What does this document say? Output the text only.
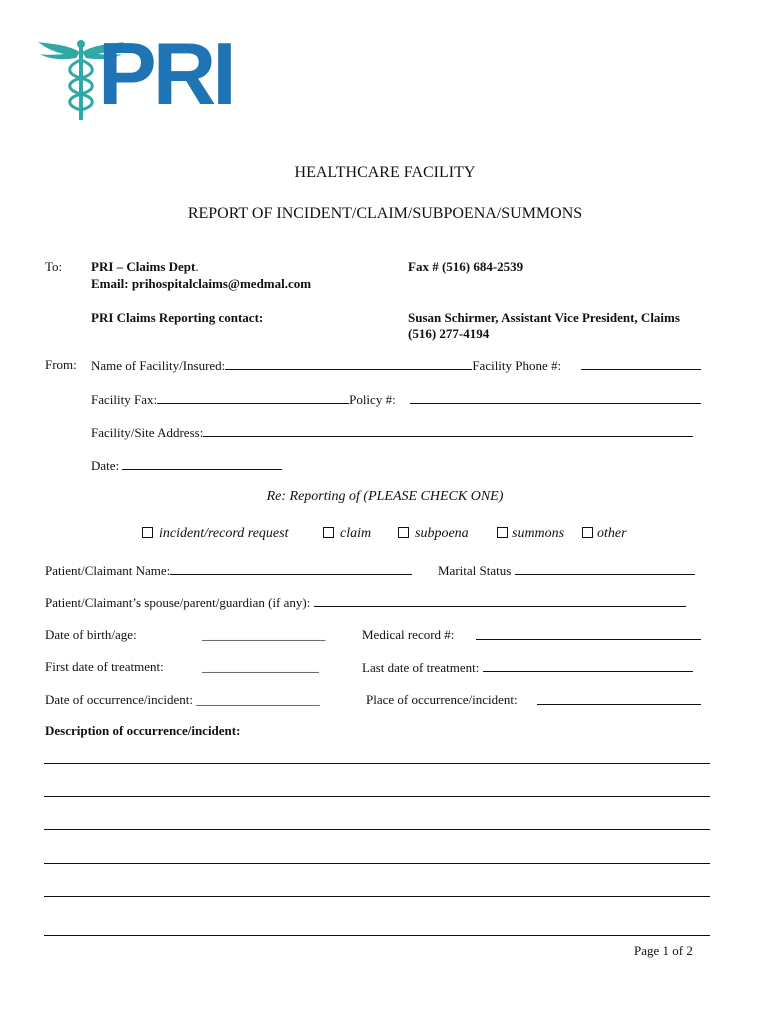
PRI
HEALTHCARE FACILITY
REPORT OF INCIDENT/CLAIM/SUBPOENA/SUMMONS
To: PRI – Claims Dept.
Email: prihospitalclaims@medmal.com
Fax # (516) 684-2539
PRI Claims Reporting contact:	Susan Schirmer, Assistant Vice President, Claims
(516) 277-4194
From: Name of Facility/Insured:	Facility Phone #:
Facility Fax:	Policy #:
Facility/Site Address:
Date:
Re: Reporting of (PLEASE CHECK ONE)
incident/record request	claim	subpoena	summons	other
Patient/Claimant Name:	Marital Status
Patient/Claimant’s spouse/parent/guardian (if any):
Date of birth/age:	___________________	Medical record #:
First date of treatment:	__________________	Last date of treatment:
Date of occurrence/incident: ___________________	Place of occurrence/incident:
Description of occurrence/incident:
Page 1 of 2
